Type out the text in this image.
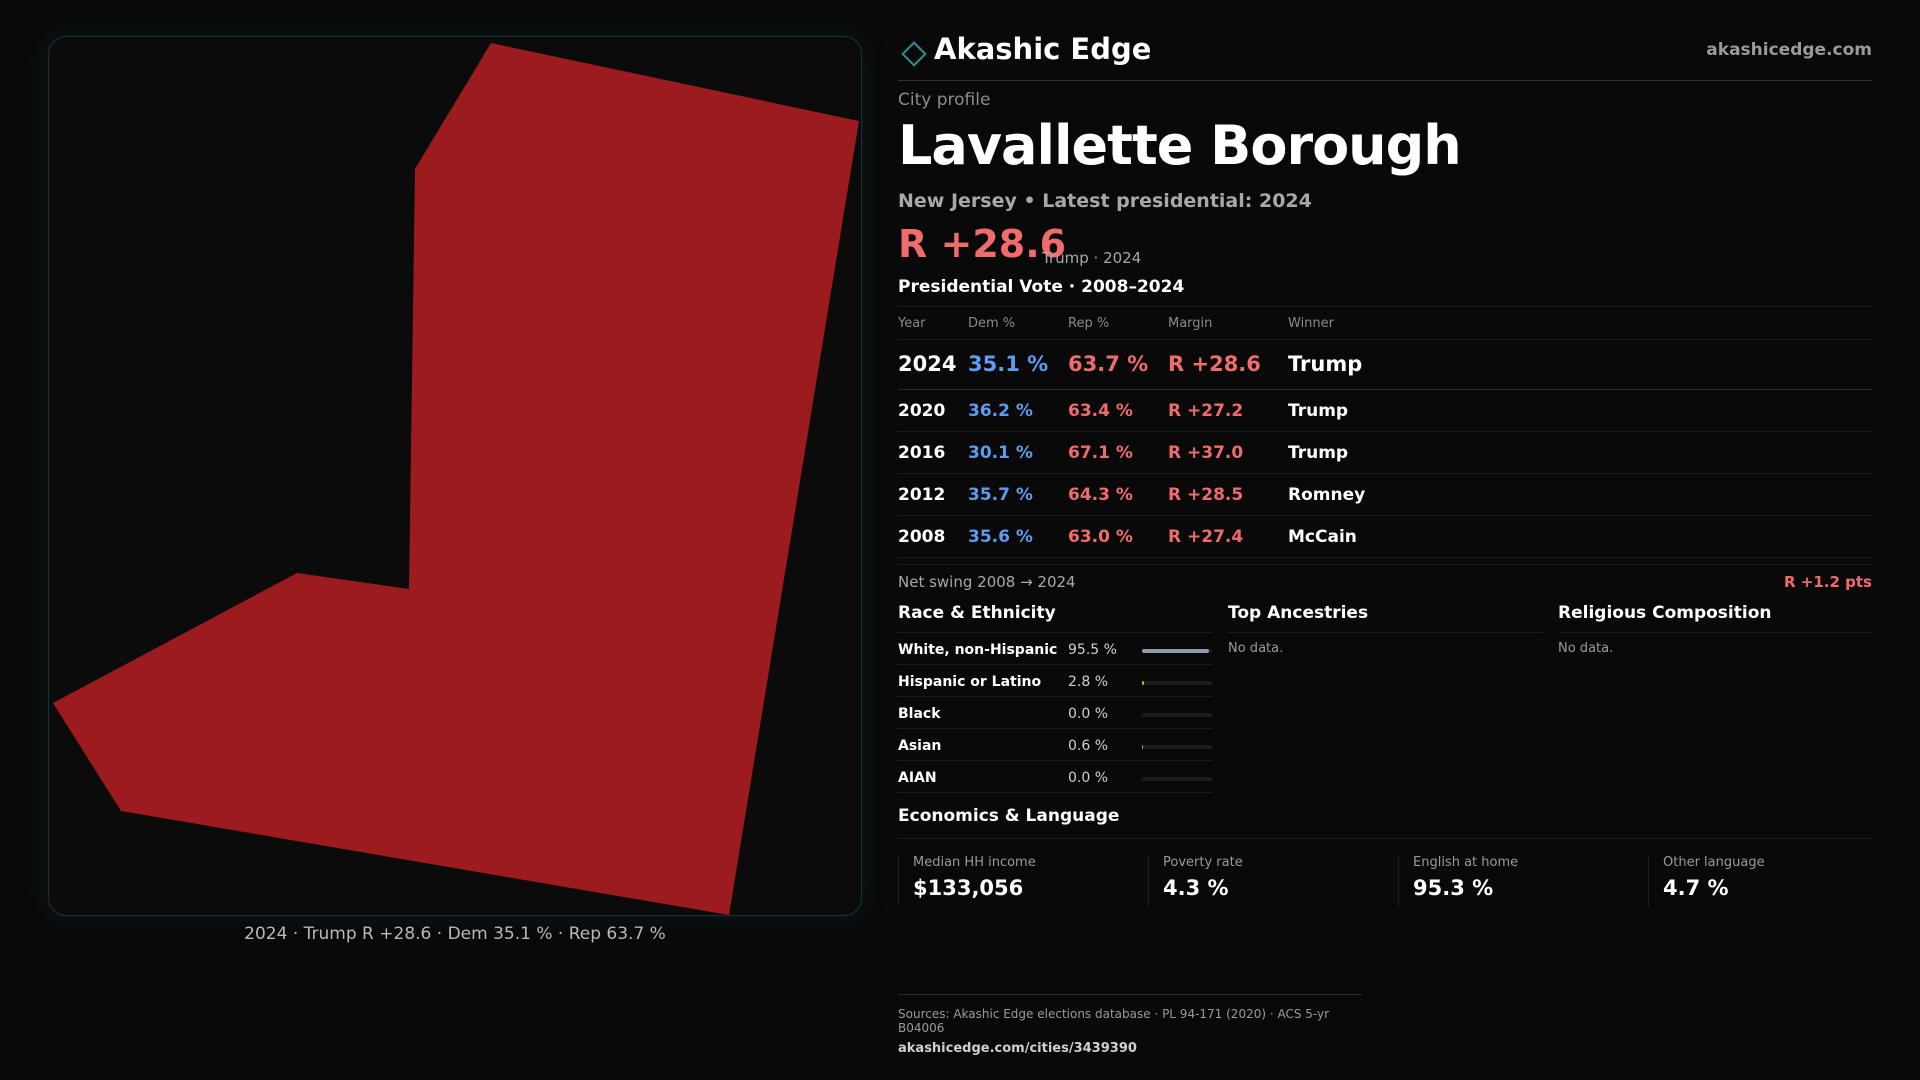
2024 · Trump R +28.6 · Dem 35.1 % · Rep 63.7 %
Akashic Edge	akashicedge.com
City profile
Lavallette Borough
New Jersey • Latest presidential: 2024
R +28.6
Trump · 2024
Presidential Vote · 2008–2024
Year	Dem %	Rep %	Margin	Winner
2024 35.1 % 63.7 % R +28.6 Trump
2020 36.2 % 63.4 % R +27.2	Trump
2016 30.1 % 67.1 % R +37.0	Trump
2012 35.7 % 64.3 % R +28.5	Romney
2008 35.6 % 63.0 % R +27.4	McCain
Net swing 2008 → 2024	R +1.2 pts
Race & Ethnicity
White, non-Hispanic 95.5 %
Hispanic or Latino 2.8 %
Black	0.0 %
Asian	0.6 %
AIAN	0.0 %
Top Ancestries
No data.
Religious Composition
No data.
Economics & Language
Median HH income
$133,056
Poverty rate
4.3 %
English at home
95.3 %
Other language
4.7 %
Sources: Akashic Edge elections database · PL 94-171 (2020) · ACS 5-yr B04006
akashicedge.com/cities/3439390
